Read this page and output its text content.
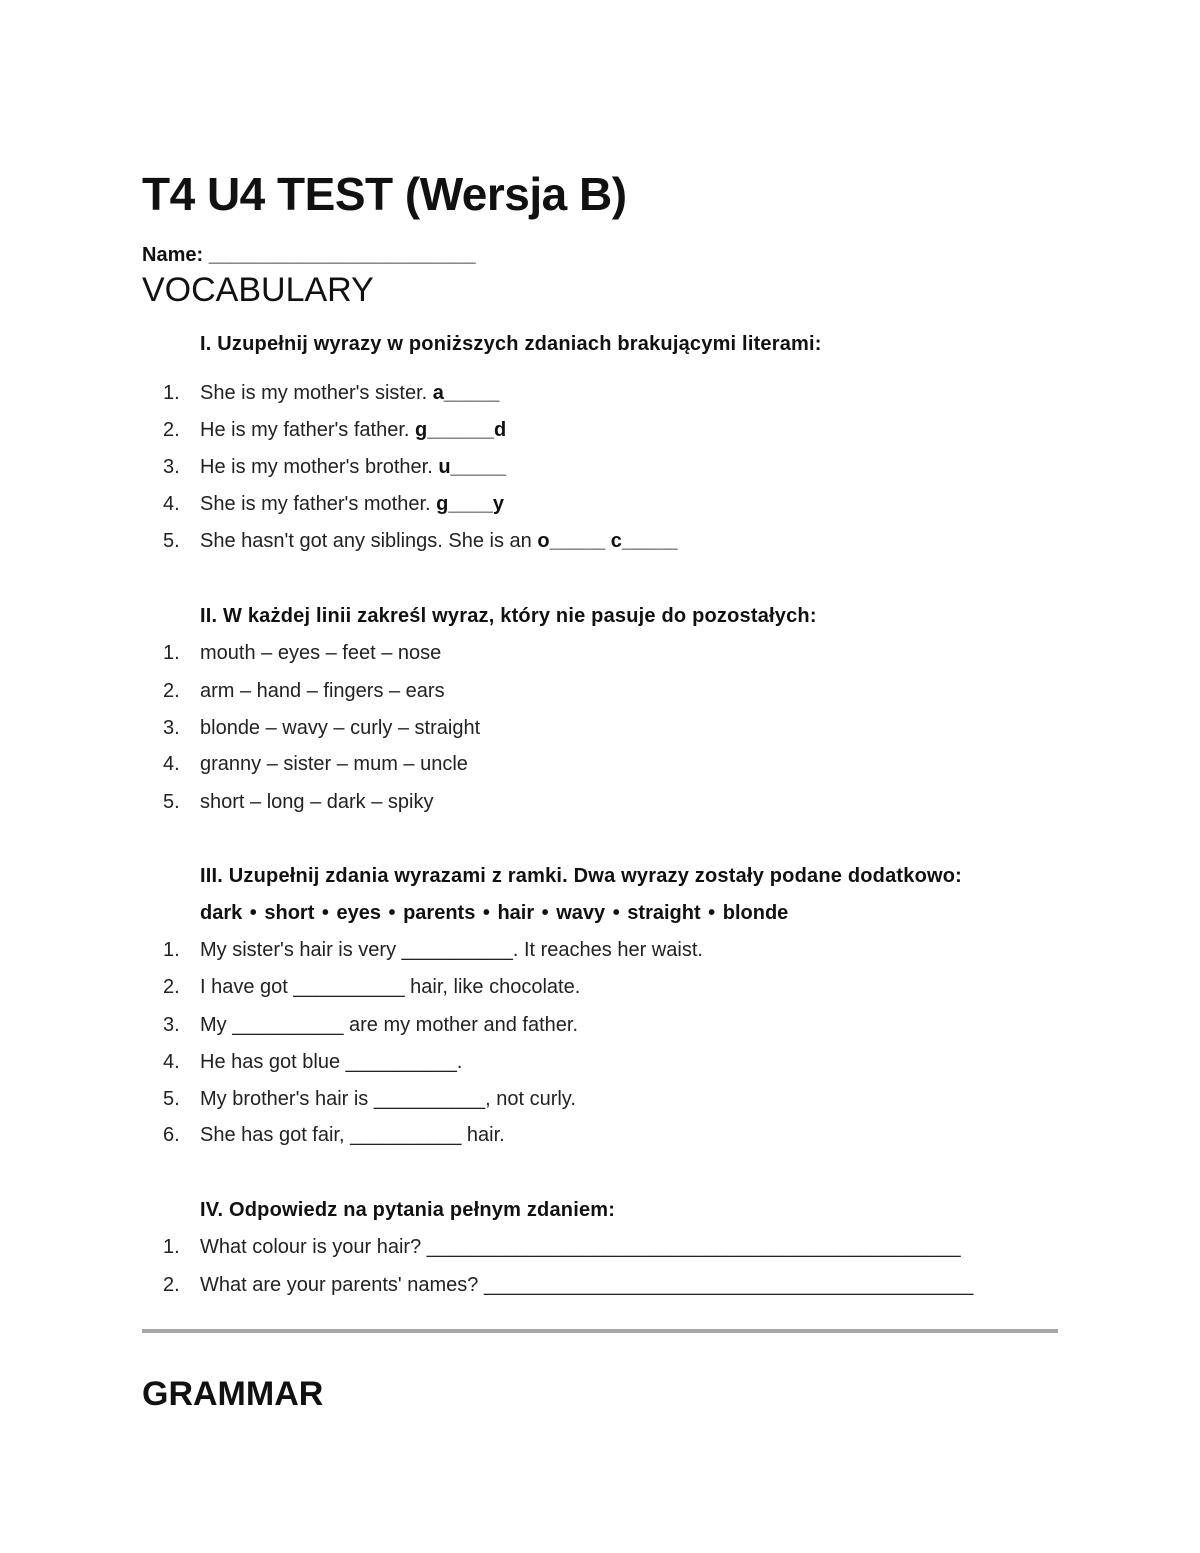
T4 U4 TEST (Wersja B)
Name: ________________________
VOCABULARY
I. Uzupełnij wyrazy w poniższych zdaniach brakującymi literami:
1.	She is my mother's sister. a_____
2.	He is my father's father. g______d
3.	He is my mother's brother. u_____
4.	She is my father's mother. g____y
5.	She hasn't got any siblings. She is an o_____ c_____
II. W każdej linii zakreśl wyraz, który nie pasuje do pozostałych:
1.	mouth – eyes – feet – nose
2.	arm – hand – fingers – ears
3.	blonde – wavy – curly – straight
4.	granny – sister – mum – uncle
5.	short – long – dark – spiky
III. Uzupełnij zdania wyrazami z ramki. Dwa wyrazy zostały podane dodatkowo:
dark • short • eyes • parents • hair • wavy • straight • blonde
1.	My sister's hair is very __________. It reaches her waist.
2.	I have got __________ hair, like chocolate.
3.	My __________ are my mother and father.
4.	He has got blue __________.
5.	My brother's hair is __________, not curly.
6.	She has got fair, __________ hair.
IV. Odpowiedz na pytania pełnym zdaniem:
1.	What colour is your hair? ________________________________________________
2.	What are your parents' names? ____________________________________________
GRAMMAR
